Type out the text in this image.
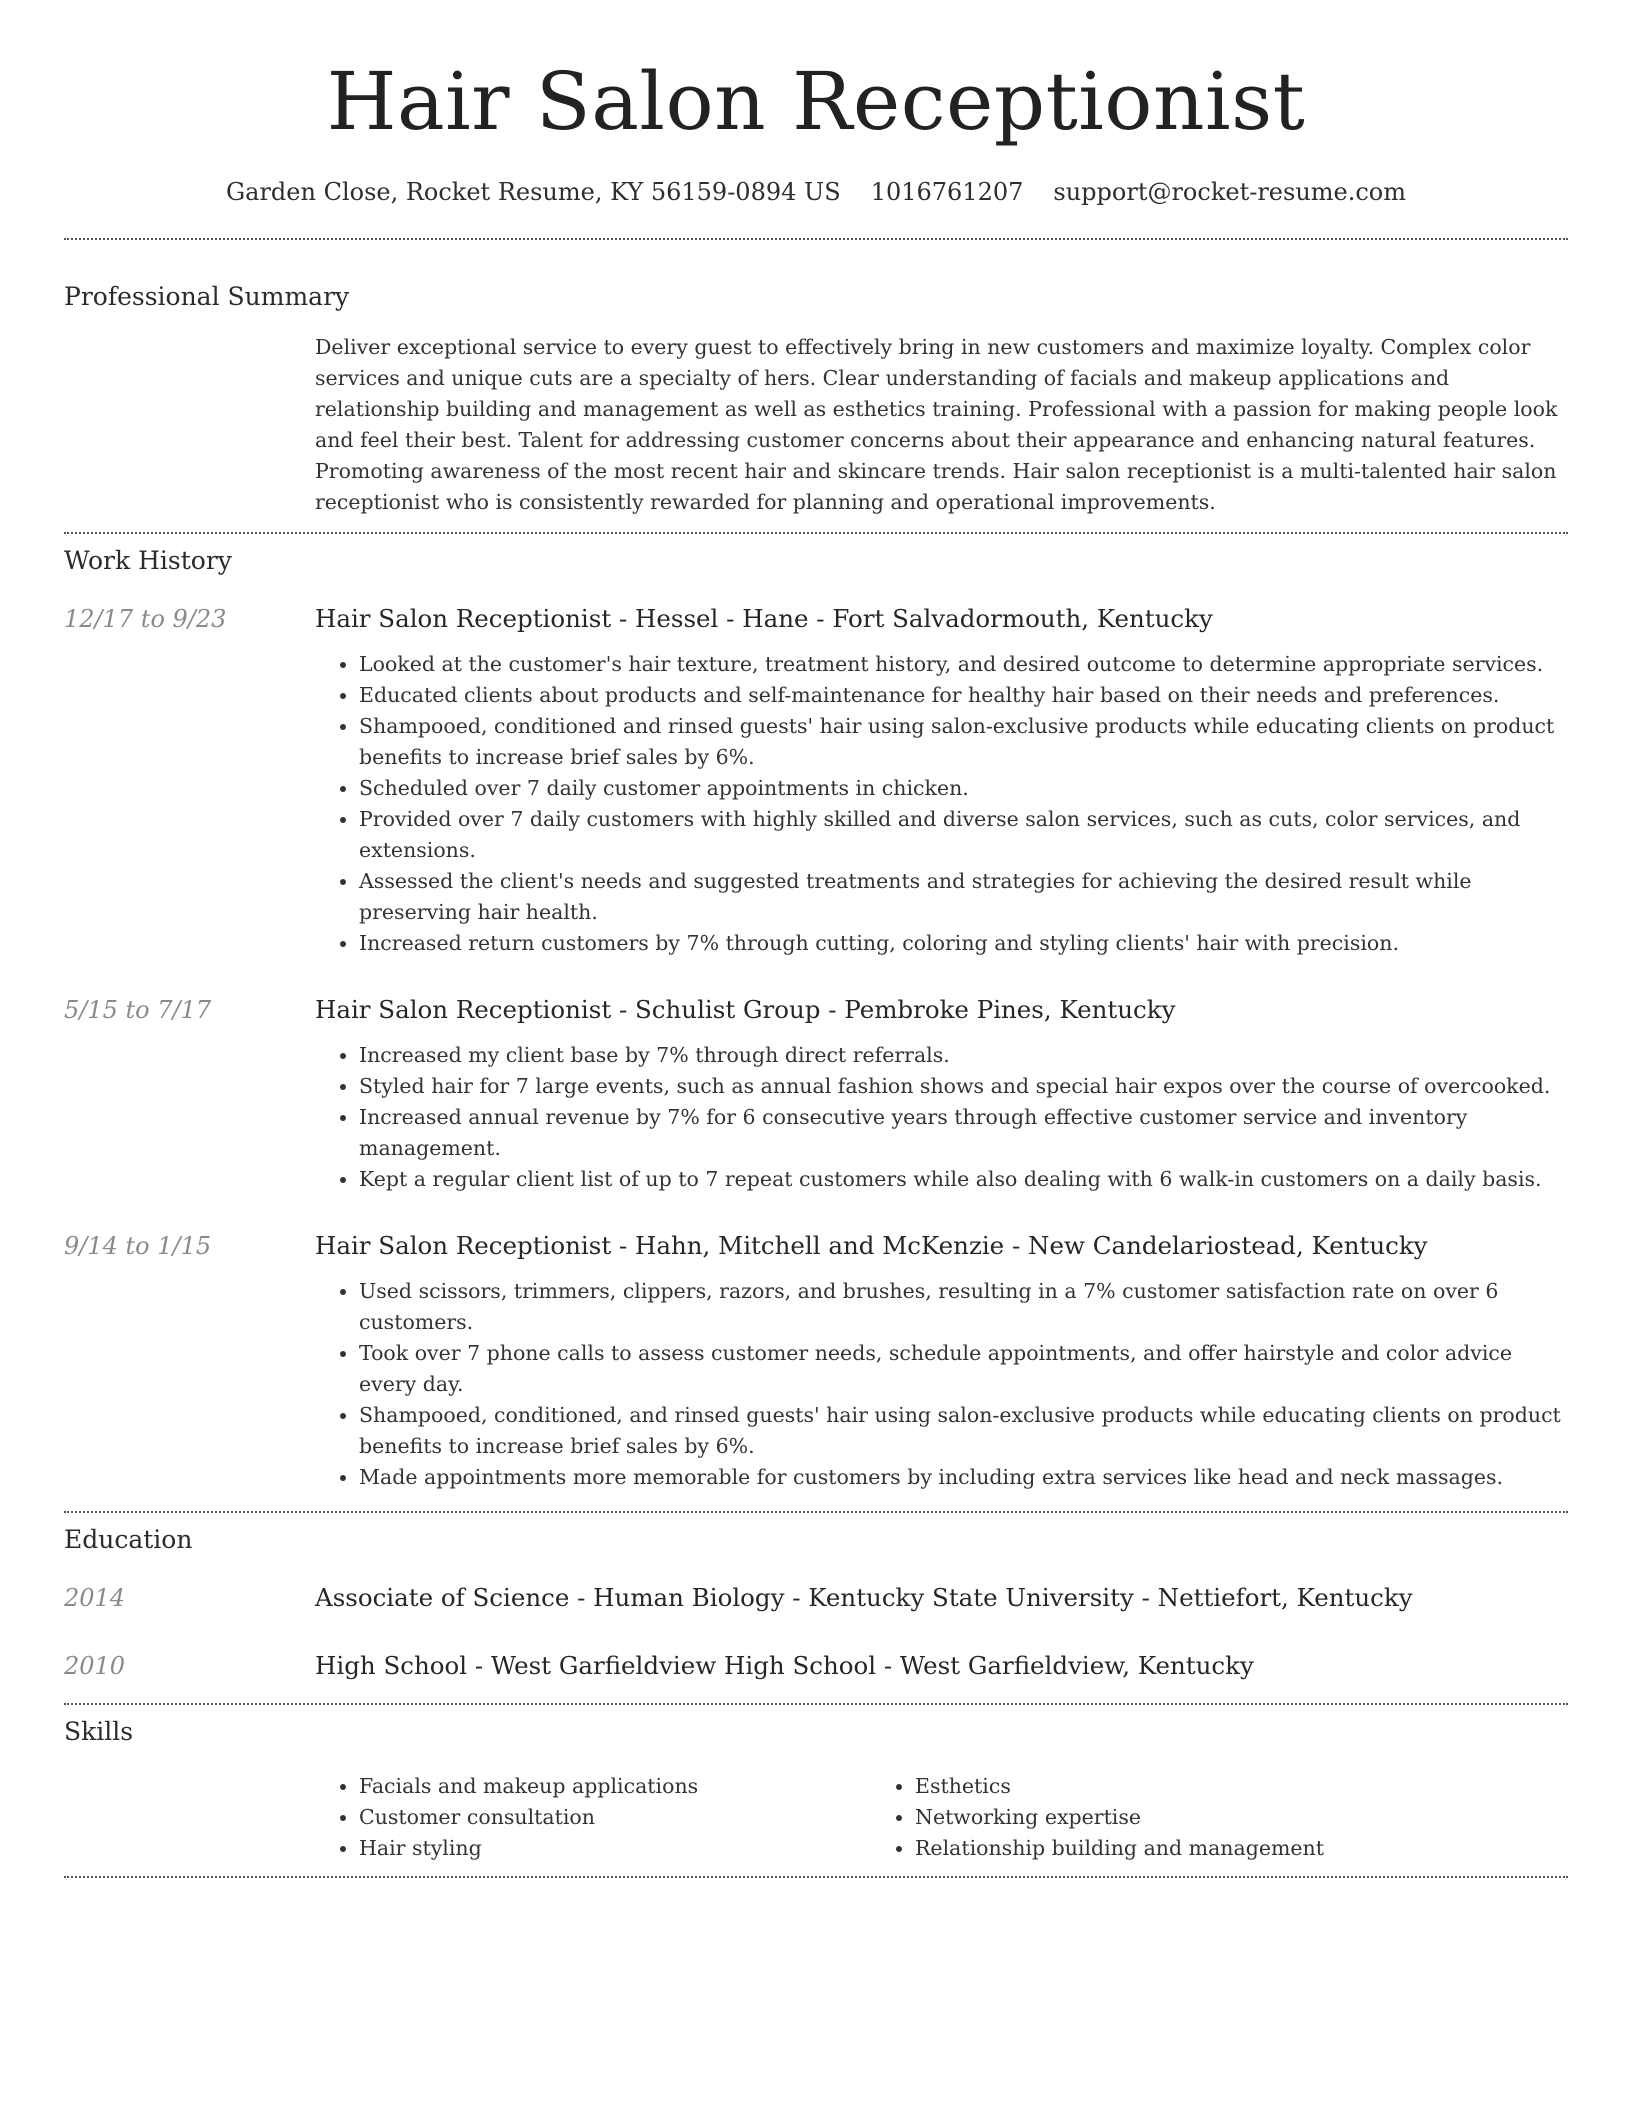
Hair Salon Receptionist
Garden Close, Rocket Resume, KY 56159-0894 US 1016761207 support@rocket-resume.com
Professional Summary
Deliver exceptional service to every guest to effectively bring in new customers and maximize loyalty. Complex color services and unique cuts are a specialty of hers. Clear understanding of facials and makeup applications and relationship building and management as well as esthetics training. Professional with a passion for making people look and feel their best. Talent for addressing customer concerns about their appearance and enhancing natural features. Promoting awareness of the most recent hair and skincare trends. Hair salon receptionist is a multi-talented hair salon receptionist who is consistently rewarded for planning and operational improvements.
Work History
12/17 to 9/23	Hair Salon Receptionist - Hessel - Hane - Fort Salvadormouth, Kentucky
• Looked at the customer's hair texture, treatment history, and desired outcome to determine appropriate services.
• Educated clients about products and self-maintenance for healthy hair based on their needs and preferences.
• Shampooed, conditioned and rinsed guests' hair using salon-exclusive products while educating clients on product benefits to increase brief sales by 6%.
• Scheduled over 7 daily customer appointments in chicken.
• Provided over 7 daily customers with highly skilled and diverse salon services, such as cuts, color services, and extensions.
• Assessed the client's needs and suggested treatments and strategies for achieving the desired result while preserving hair health.
• Increased return customers by 7% through cutting, coloring and styling clients' hair with precision.
5/15 to 7/17	Hair Salon Receptionist - Schulist Group - Pembroke Pines, Kentucky
• Increased my client base by 7% through direct referrals.
• Styled hair for 7 large events, such as annual fashion shows and special hair expos over the course of overcooked.
• Increased annual revenue by 7% for 6 consecutive years through effective customer service and inventory management.
• Kept a regular client list of up to 7 repeat customers while also dealing with 6 walk-in customers on a daily basis.
9/14 to 1/15	Hair Salon Receptionist - Hahn, Mitchell and McKenzie - New Candelariostead, Kentucky
• Used scissors, trimmers, clippers, razors, and brushes, resulting in a 7% customer satisfaction rate on over 6 customers.
• Took over 7 phone calls to assess customer needs, schedule appointments, and offer hairstyle and color advice every day.
• Shampooed, conditioned, and rinsed guests' hair using salon-exclusive products while educating clients on product benefits to increase brief sales by 6%.
• Made appointments more memorable for customers by including extra services like head and neck massages.
Education
2014	Associate of Science - Human Biology - Kentucky State University - Nettiefort, Kentucky
2010	High School - West Garfieldview High School - West Garfieldview, Kentucky
Skills
• Facials and makeup applications
• Customer consultation
• Hair styling
• Esthetics
• Networking expertise
• Relationship building and management
